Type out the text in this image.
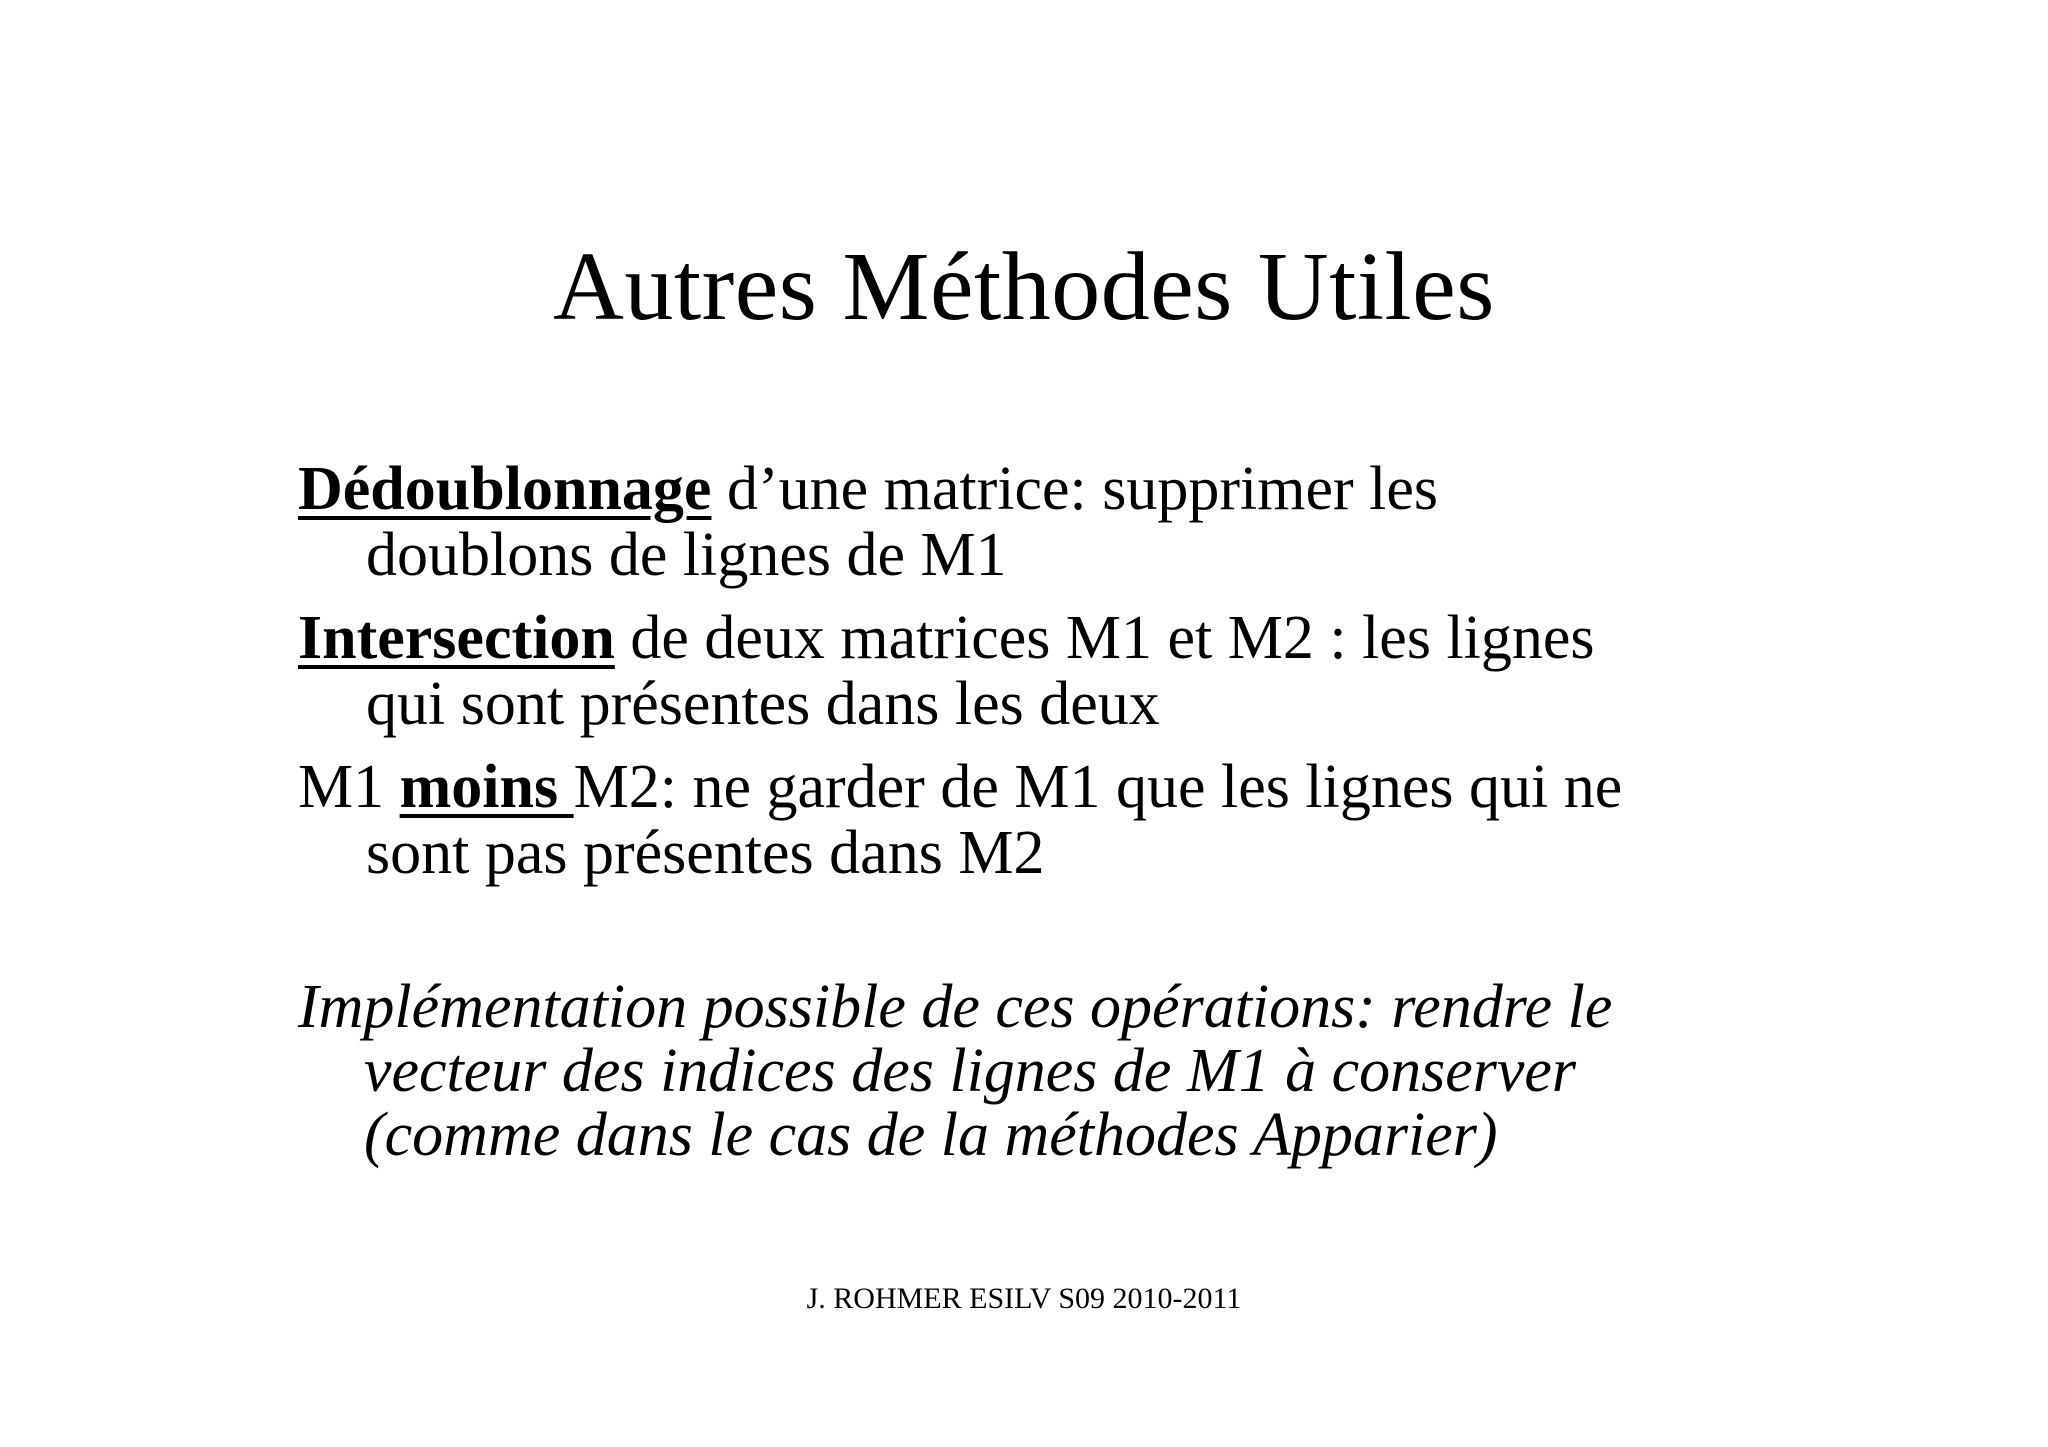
Autres Méthodes Utiles
Dédoublonnage d’une matrice: supprimer les
doublons de lignes de M1
Intersection de deux matrices M1 et M2 : les lignes
qui sont présentes dans les deux
M1 moins M2: ne garder de M1 que les lignes qui ne
sont pas présentes dans M2
Implémentation possible de ces opérations: rendre le
vecteur des indices des lignes de M1 à conserver
(comme dans le cas de la méthodes Apparier)
J. ROHMER ESILV S09 2010-2011
